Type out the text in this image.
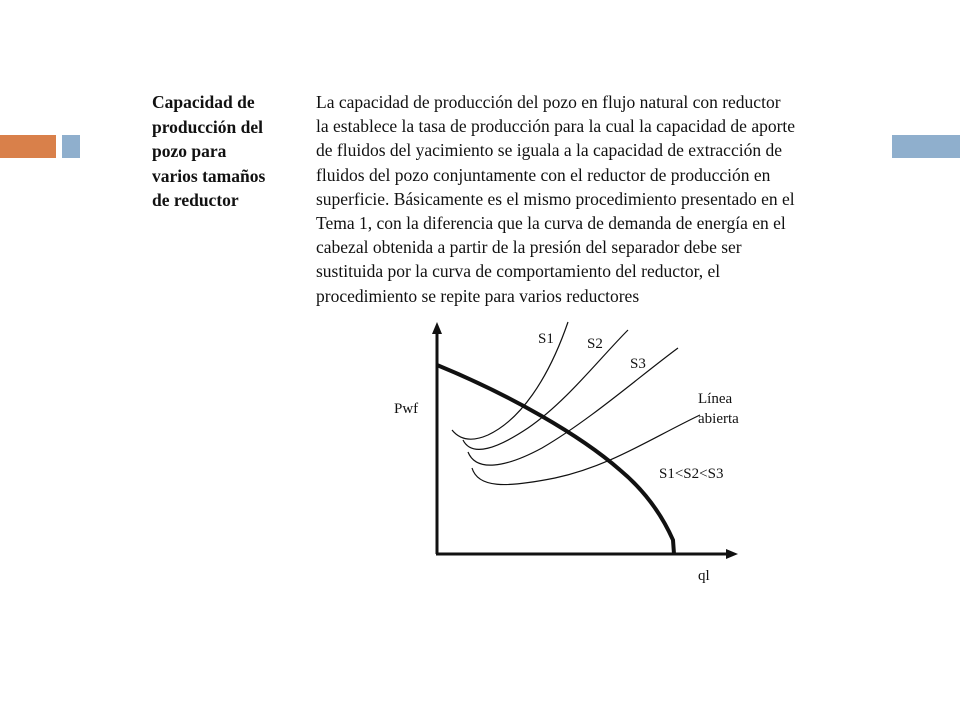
Capacidad de
producción del
pozo para
varios tamaños
de reductor
La capacidad de producción del pozo en flujo natural con reductor
la establece la tasa de producción para la cual la capacidad de aporte
de fluidos del yacimiento se iguala a la capacidad de extracción de
fluidos del pozo conjuntamente con el reductor de producción en
superficie. Básicamente es el mismo procedimiento presentado en el
Tema 1, con la diferencia que la curva de demanda de energía en el
cabezal obtenida a partir de la presión del separador debe ser
sustituida por la curva de comportamiento del reductor, el
procedimiento se repite para varios reductores
Pwf
ql
S1 S2
S3
Línea
abierta
S1<S2<S3
